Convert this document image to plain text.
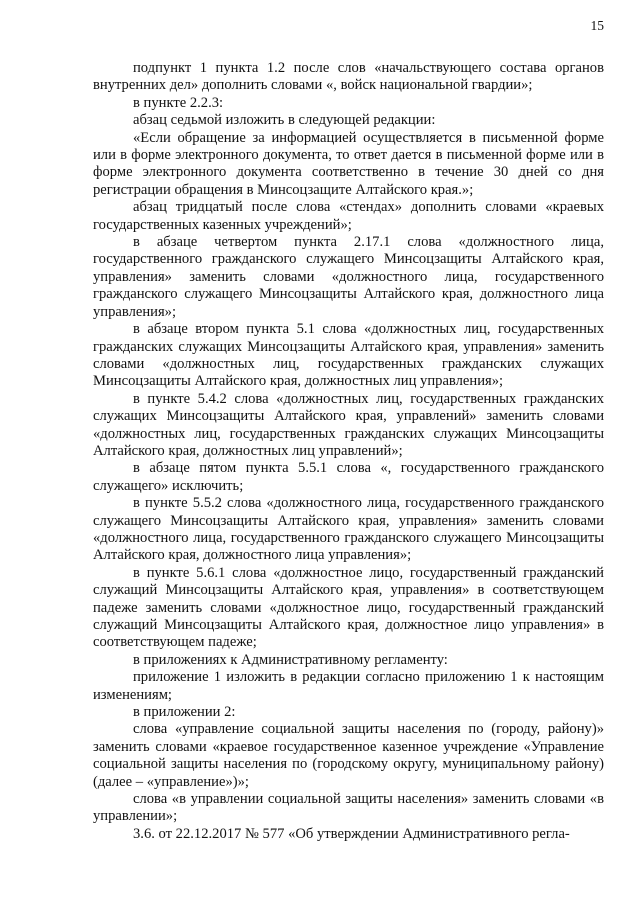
15

подпункт 1 пункта 1.2 после слов «начальствующего состава органов внутренних дел» дополнить словами «, войск национальной гвардии»;

в пункте 2.2.3:

абзац седьмой изложить в следующей редакции:

«Если обращение за информацией осуществляется в письменной форме или в форме электронного документа, то ответ дается в письменной форме или в форме электронного документа соответственно в течение 30 дней со дня регистрации обращения в Минсоцзащите Алтайского края.»;

абзац тридцатый после слова «стендах» дополнить словами «краевых государственных казенных учреждений»;

в абзаце четвертом пункта 2.17.1 слова «должностного лица, государственного гражданского служащего Минсоцзащиты Алтайского края, управления» заменить словами «должностного лица, государственного гражданского служащего Минсоцзащиты Алтайского края, должностного лица управления»;

в абзаце втором пункта 5.1 слова «должностных лиц, государственных гражданских служащих Минсоцзащиты Алтайского края, управления» заменить словами «должностных лиц, государственных гражданских служащих Минсоцзащиты Алтайского края, должностных лиц управления»;

в пункте 5.4.2 слова «должностных лиц, государственных гражданских служащих Минсоцзащиты Алтайского края, управлений» заменить словами «должностных лиц, государственных гражданских служащих Минсоцзащиты Алтайского края, должностных лиц управлений»;

в абзаце пятом пункта 5.5.1 слова «, государственного гражданского служащего» исключить;

в пункте 5.5.2 слова «должностного лица, государственного гражданского служащего Минсоцзащиты Алтайского края, управления» заменить словами «должностного лица, государственного гражданского служащего Минсоцзащиты Алтайского края, должностного лица управления»;

в пункте 5.6.1 слова «должностное лицо, государственный гражданский служащий Минсоцзащиты Алтайского края, управления» в соответствующем падеже заменить словами «должностное лицо, государственный гражданский служащий Минсоцзащиты Алтайского края, должностное лицо управления» в соответствующем падеже;

в приложениях к Административному регламенту:

приложение 1 изложить в редакции согласно приложению 1 к настоящим изменениям;

в приложении 2:

слова «управление социальной защиты населения по (городу, району)» заменить словами «краевое государственное казенное учреждение «Управление социальной защиты населения по (городскому округу, муниципальному району) (далее – «управление»)»;

слова «в управлении социальной защиты населения» заменить словами «в управлении»;

3.6. от 22.12.2017 № 577 «Об утверждении Административного регла-
